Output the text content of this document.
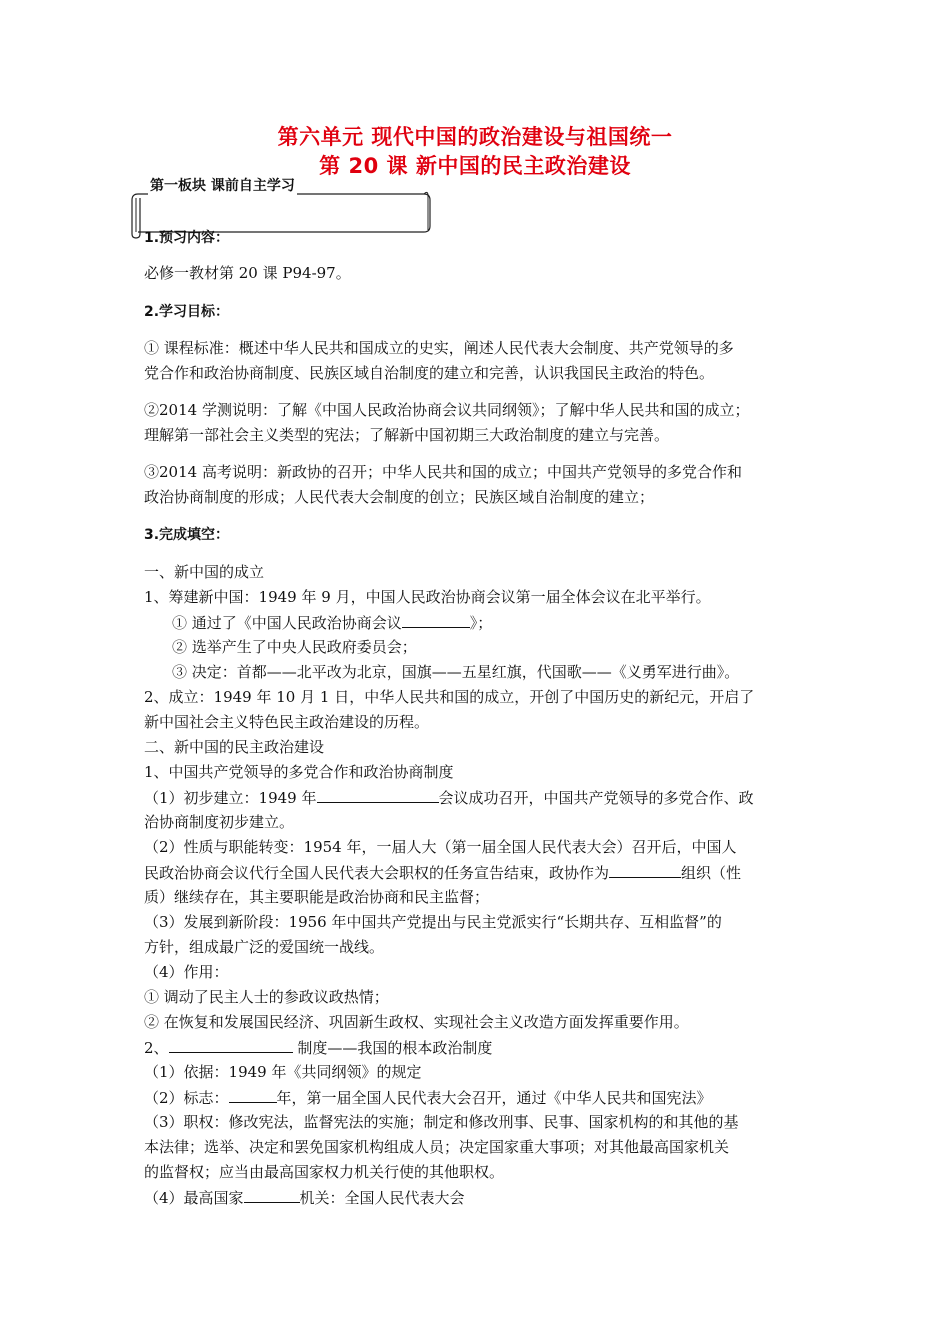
第六单元 现代中国的政治建设与祖国统一
第 20 课 新中国的民主政治建设
第一板块 课前自主学习
1.预习内容：
必修一教材第 20 课 P94-97。
2.学习目标：
① 课程标准：概述中华人民共和国成立的史实，阐述人民代表大会制度、共产党领导的多
党合作和政治协商制度、民族区域自治制度的建立和完善，认识我国民主政治的特色。
②2014 学测说明：了解《中国人民政治协商会议共同纲领》；了解中华人民共和国的成立；
理解第一部社会主义类型的宪法；了解新中国初期三大政治制度的建立与完善。
③2014 高考说明：新政协的召开；中华人民共和国的成立；中国共产党领导的多党合作和
政治协商制度的形成；人民代表大会制度的创立；民族区域自治制度的建立；
3.完成填空：
一、新中国的成立
1、筹建新中国：1949 年 9 月，中国人民政治协商会议第一届全体会议在北平举行。
① 通过了《中国人民政治协商会议	》；
② 选举产生了中央人民政府委员会；
③ 决定：首都——北平改为北京，国旗——五星红旗，代国歌——《义勇军进行曲》。
2、成立：1949 年 10 月 1 日，中华人民共和国的成立，开创了中国历史的新纪元，开启了
新中国社会主义特色民主政治建设的历程。
二、新中国的民主政治建设
1、中国共产党领导的多党合作和政治协商制度
（1）初步建立：1949 年	会议成功召开，中国共产党领导的多党合作、政
治协商制度初步建立。
（2）性质与职能转变：1954 年，一届人大（第一届全国人民代表大会）召开后，中国人
民政治协商会议代行全国人民代表大会职权的任务宣告结束，政协作为	组织（性
质）继续存在，其主要职能是政治协商和民主监督；
（3）发展到新阶段：1956 年中国共产党提出与民主党派实行“长期共存、互相监督”的
方针，组成最广泛的爱国统一战线。
（4）作用：
① 调动了民主人士的参政议政热情；
② 在恢复和发展国民经济、巩固新生政权、实现社会主义改造方面发挥重要作用。
2、	制度——我国的根本政治制度
（1）依据：1949 年《共同纲领》的规定
（2）标志：	年，第一届全国人民代表大会召开，通过《中华人民共和国宪法》
（3）职权：修改宪法，监督宪法的实施；制定和修改刑事、民事、国家机构的和其他的基
本法律；选举、决定和罢免国家机构组成人员；决定国家重大事项；对其他最高国家机关
的监督权；应当由最高国家权力机关行使的其他职权。
（4）最高国家	机关：全国人民代表大会
